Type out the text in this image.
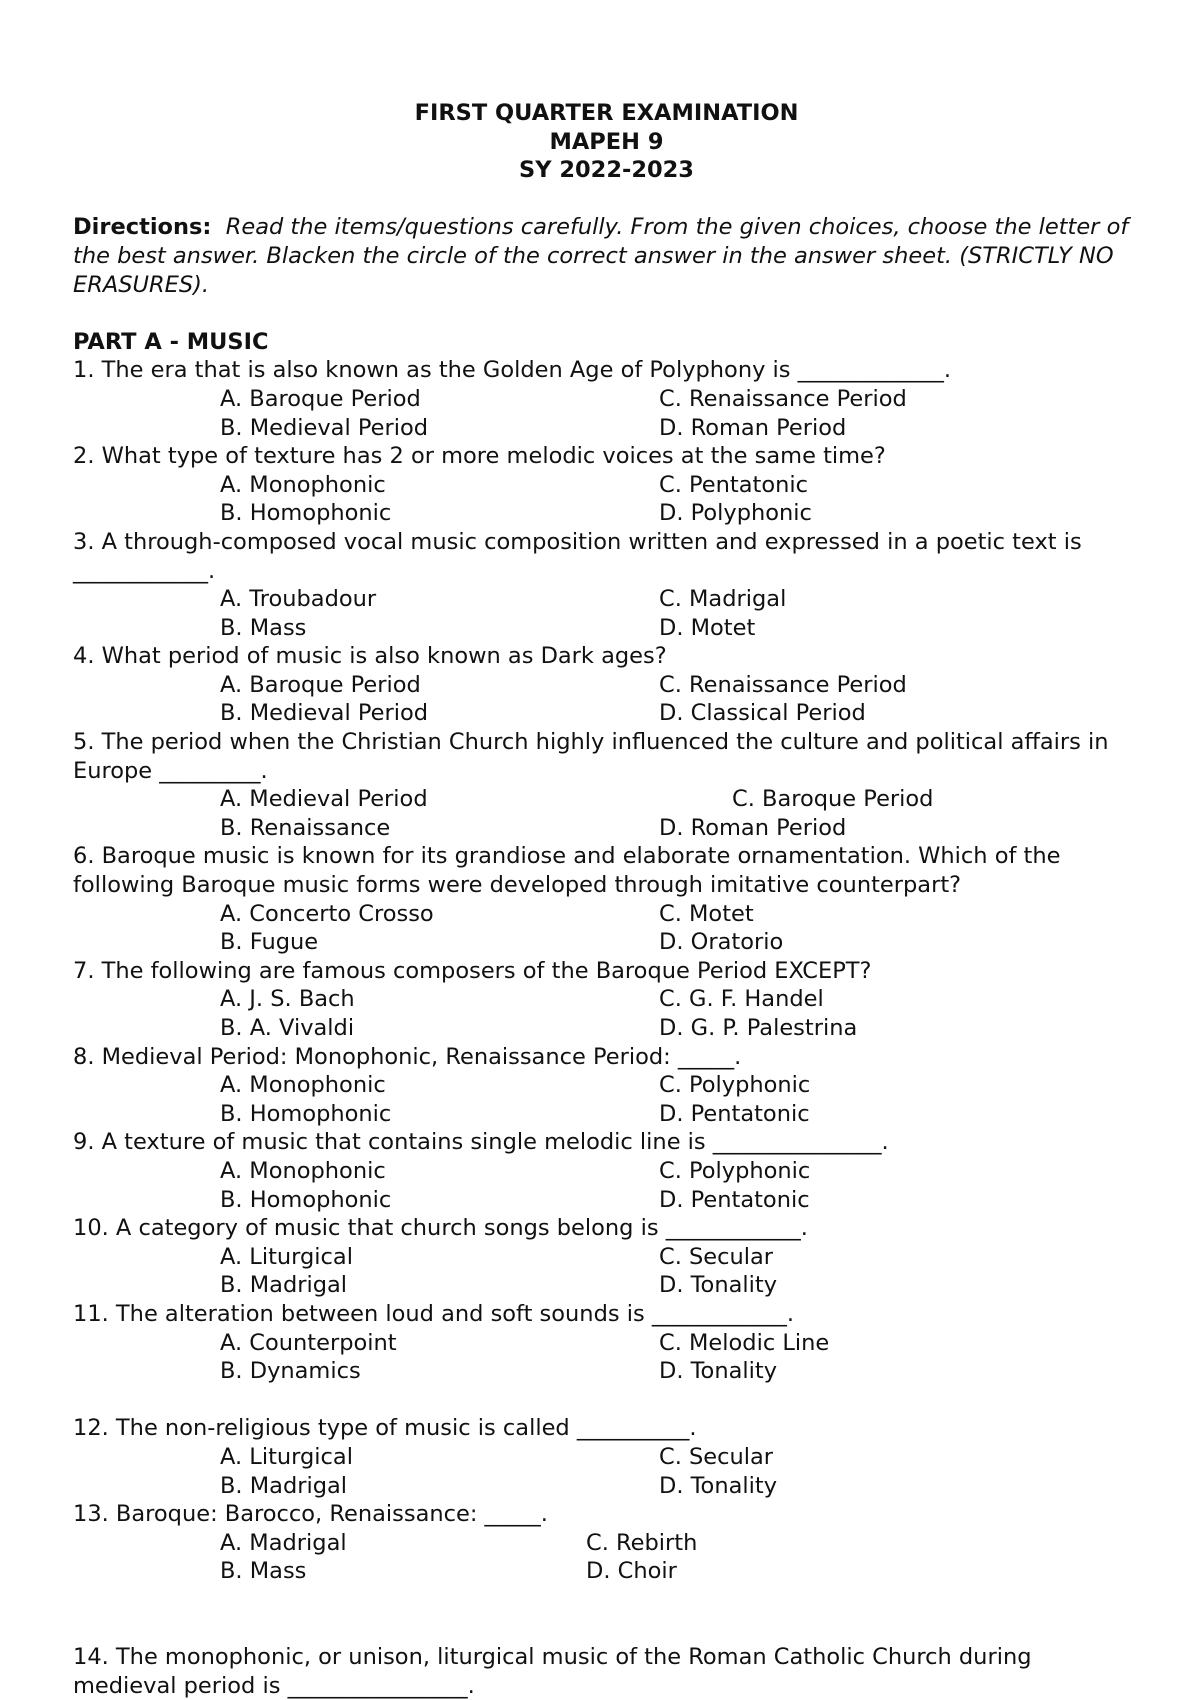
FIRST QUARTER EXAMINATION
MAPEH 9
SY 2022-2023
Directions: Read the items/questions carefully. From the given choices, choose the letter of the best answer. Blacken the circle of the correct answer in the answer sheet. (STRICTLY NO ERASURES).
PART A - MUSIC
1. The era that is also known as the Golden Age of Polyphony is _____________.
A. Baroque Period	C. Renaissance Period
B. Medieval Period	D. Roman Period
2. What type of texture has 2 or more melodic voices at the same time?
A. Monophonic	C. Pentatonic
B. Homophonic	D. Polyphonic
3. A through-composed vocal music composition written and expressed in a poetic text is ____________.
A. Troubadour	C. Madrigal
B. Mass	D. Motet
4. What period of music is also known as Dark ages?
A. Baroque Period	C. Renaissance Period
B. Medieval Period	D. Classical Period
5. The period when the Christian Church highly influenced the culture and political affairs in Europe _________.
A. Medieval Period	C. Baroque Period
B. Renaissance	D. Roman Period
6. Baroque music is known for its grandiose and elaborate ornamentation. Which of the following Baroque music forms were developed through imitative counterpart?
A. Concerto Crosso	C. Motet
B. Fugue	D. Oratorio
7. The following are famous composers of the Baroque Period EXCEPT?
A. J. S. Bach	C. G. F. Handel
B. A. Vivaldi	D. G. P. Palestrina
8. Medieval Period: Monophonic, Renaissance Period: _____.
A. Monophonic	C. Polyphonic
B. Homophonic	D. Pentatonic
9. A texture of music that contains single melodic line is _______________.
A. Monophonic	C. Polyphonic
B. Homophonic	D. Pentatonic
10. A category of music that church songs belong is ____________.
A. Liturgical	C. Secular
B. Madrigal	D. Tonality
11. The alteration between loud and soft sounds is ____________.
A. Counterpoint	C. Melodic Line
B. Dynamics	D. Tonality
12. The non-religious type of music is called __________.
A. Liturgical	C. Secular
B. Madrigal	D. Tonality
13. Baroque: Barocco, Renaissance: _____.
A. Madrigal	C. Rebirth
B. Mass	D. Choir
14. The monophonic, or unison, liturgical music of the Roman Catholic Church during medieval period is ________________.
